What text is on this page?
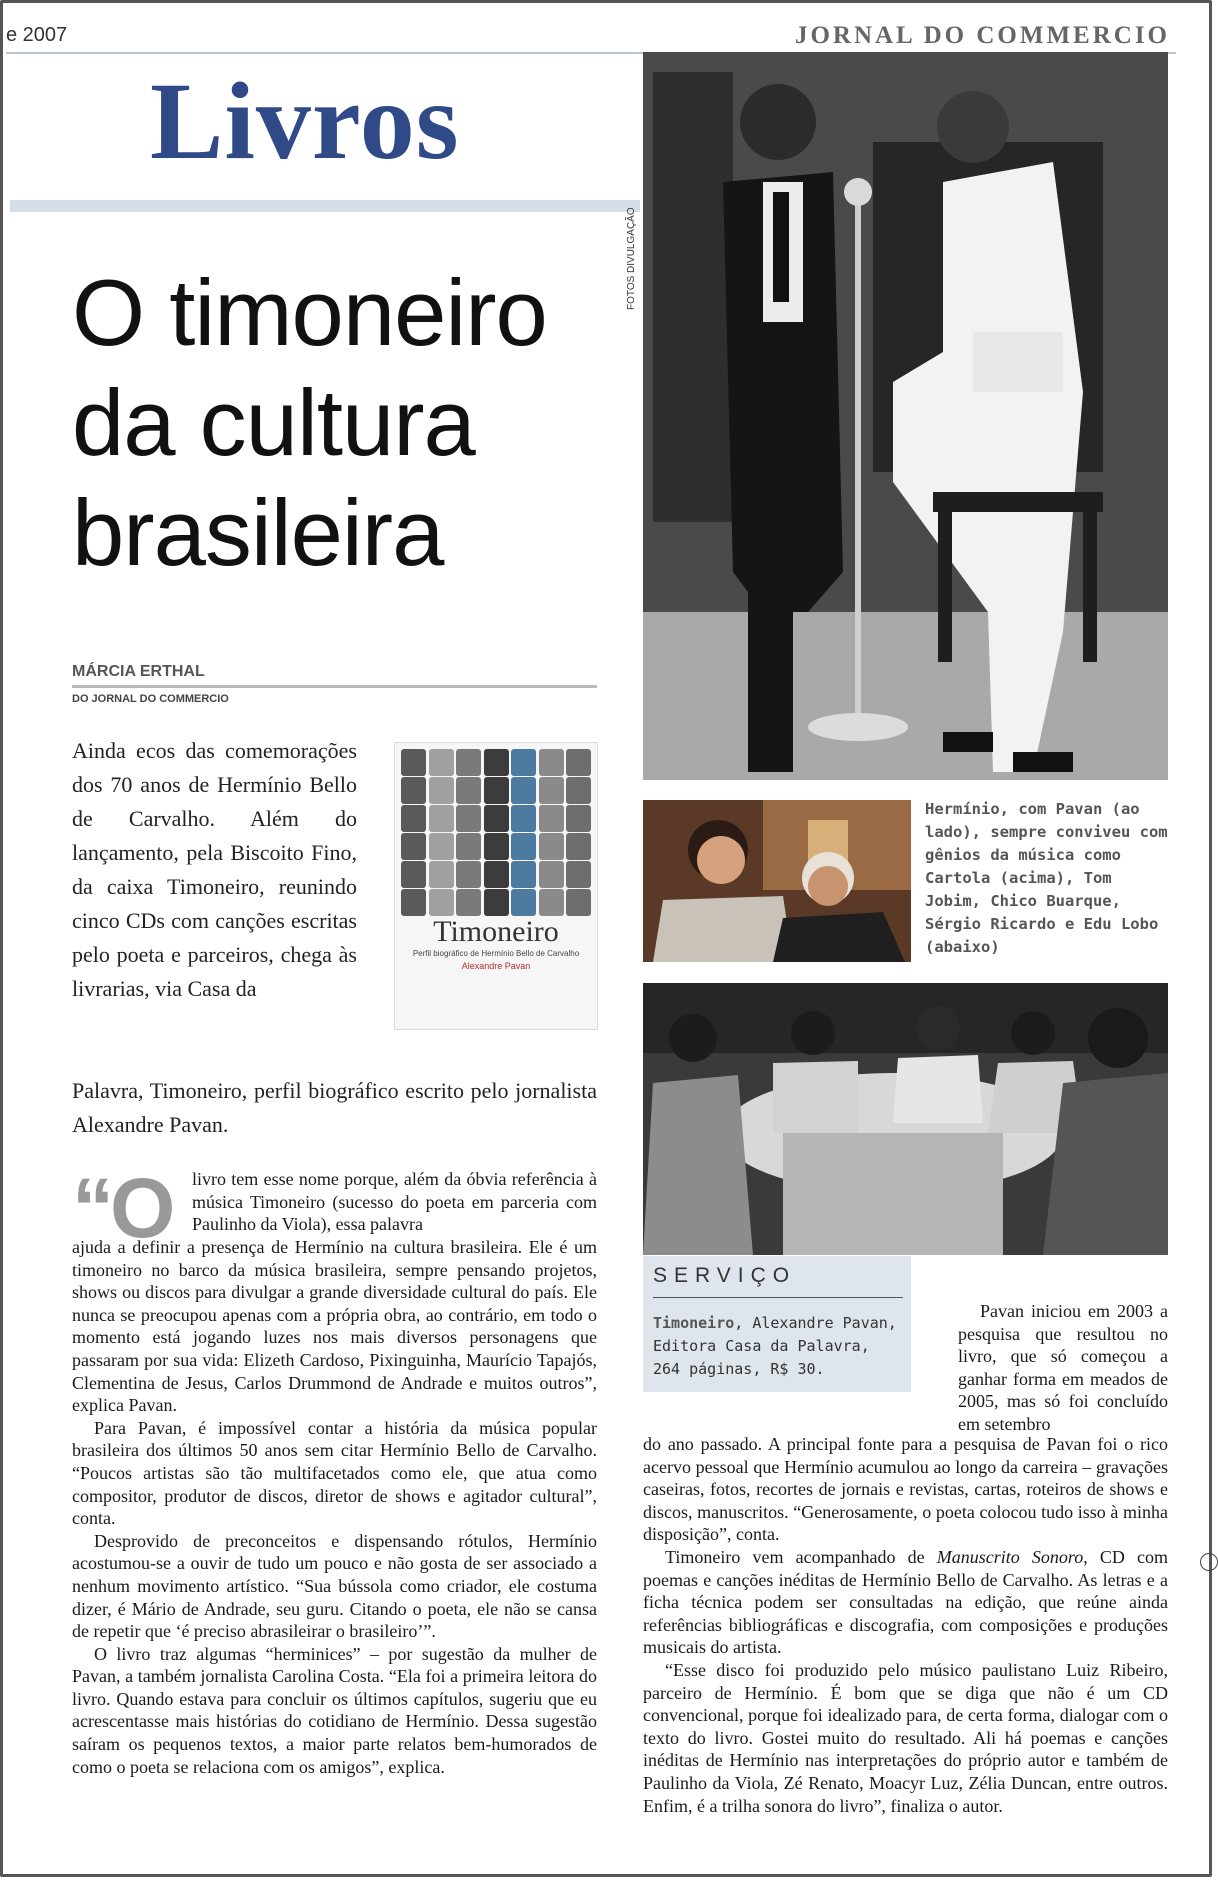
e 2007	JORNAL DO COMMERCIO
Livros
O timoneiro da cultura brasileira
MÁRCIA ERTHAL
DO JORNAL DO COMMERCIO
Ainda ecos das comemorações dos 70 anos de Hermínio Bello de Carvalho. Além do lançamento, pela Biscoito Fino, da caixa Timoneiro, reunindo cinco CDs com canções escritas pelo poeta e parceiros, chega às livrarias, via Casa da
Palavra, Timoneiro, perfil biográfico escrito pelo jornalista Alexandre Pavan.
Timoneiro
Perfil biográfico de Hermínio Bello de Carvalho
Alexandre Pavan
FOTOS DIVULGAÇÃO
Hermínio, com Pavan (ao lado), sempre conviveu com gênios da música como Cartola (acima), Tom Jobim, Chico Buarque, Sérgio Ricardo e Edu Lobo (abaixo)
SERVIÇO
Timoneiro, Alexandre Pavan, Editora Casa da Palavra, 264 páginas, R$ 30.
“O livro tem esse nome porque, além da óbvia referência à música Timoneiro (sucesso do poeta em parceria com Paulinho da Viola), essa palavra

ajuda a definir a presença de Hermínio na cultura brasileira. Ele é um timoneiro no barco da música brasileira, sempre pensando projetos, shows ou discos para divulgar a grande diversidade cultural do país. Ele nunca se preocupou apenas com a própria obra, ao contrário, em todo o momento está jogando luzes nos mais diversos personagens que passaram por sua vida: Elizeth Cardoso, Pixinguinha, Maurício Tapajós, Clementina de Jesus, Carlos Drummond de Andrade e muitos outros”, explica Pavan.

Para Pavan, é impossível contar a história da música popular brasileira dos últimos 50 anos sem citar Hermínio Bello de Carvalho. “Poucos artistas são tão multifacetados como ele, que atua como compositor, produtor de discos, diretor de shows e agitador cultural”, conta.

Desprovido de preconceitos e dispensando rótulos, Hermínio acostumou-se a ouvir de tudo um pouco e não gosta de ser associado a nenhum movimento artístico. “Sua bússola como criador, ele costuma dizer, é Mário de Andrade, seu guru. Citando o poeta, ele não se cansa de repetir que ‘é preciso abrasileirar o brasileiro’”.

O livro traz algumas “herminices” – por sugestão da mulher de Pavan, a também jornalista Carolina Costa. “Ela foi a primeira leitora do livro. Quando estava para concluir os últimos capítulos, sugeriu que eu acrescentasse mais histórias do cotidiano de Hermínio. Dessa sugestão saíram os pequenos textos, a maior parte relatos bem-humorados de como o poeta se relaciona com os amigos”, explica.

Pavan iniciou em 2003 a pesquisa que resultou no livro, que só começou a ganhar forma em meados de 2005, mas só foi concluído em setembro

do ano passado. A principal fonte para a pesquisa de Pavan foi o rico acervo pessoal que Hermínio acumulou ao longo da carreira – gravações caseiras, fotos, recortes de jornais e revistas, cartas, roteiros de shows e discos, manuscritos. “Generosamente, o poeta colocou tudo isso à minha disposição”, conta.

Timoneiro vem acompanhado de Manuscrito Sonoro, CD com poemas e canções inéditas de Hermínio Bello de Carvalho. As letras e a ficha técnica podem ser consultadas na edição, que reúne ainda referências bibliográficas e discografia, com composições e produções musicais do artista.

“Esse disco foi produzido pelo músico paulistano Luiz Ribeiro, parceiro de Hermínio. É bom que se diga que não é um CD convencional, porque foi idealizado para, de certa forma, dialogar com o texto do livro. Gostei muito do resultado. Ali há poemas e canções inéditas de Hermínio nas interpretações do próprio autor e também de Paulinho da Viola, Zé Renato, Moacyr Luz, Zélia Duncan, entre outros. Enfim, é a trilha sonora do livro”, finaliza o autor.
